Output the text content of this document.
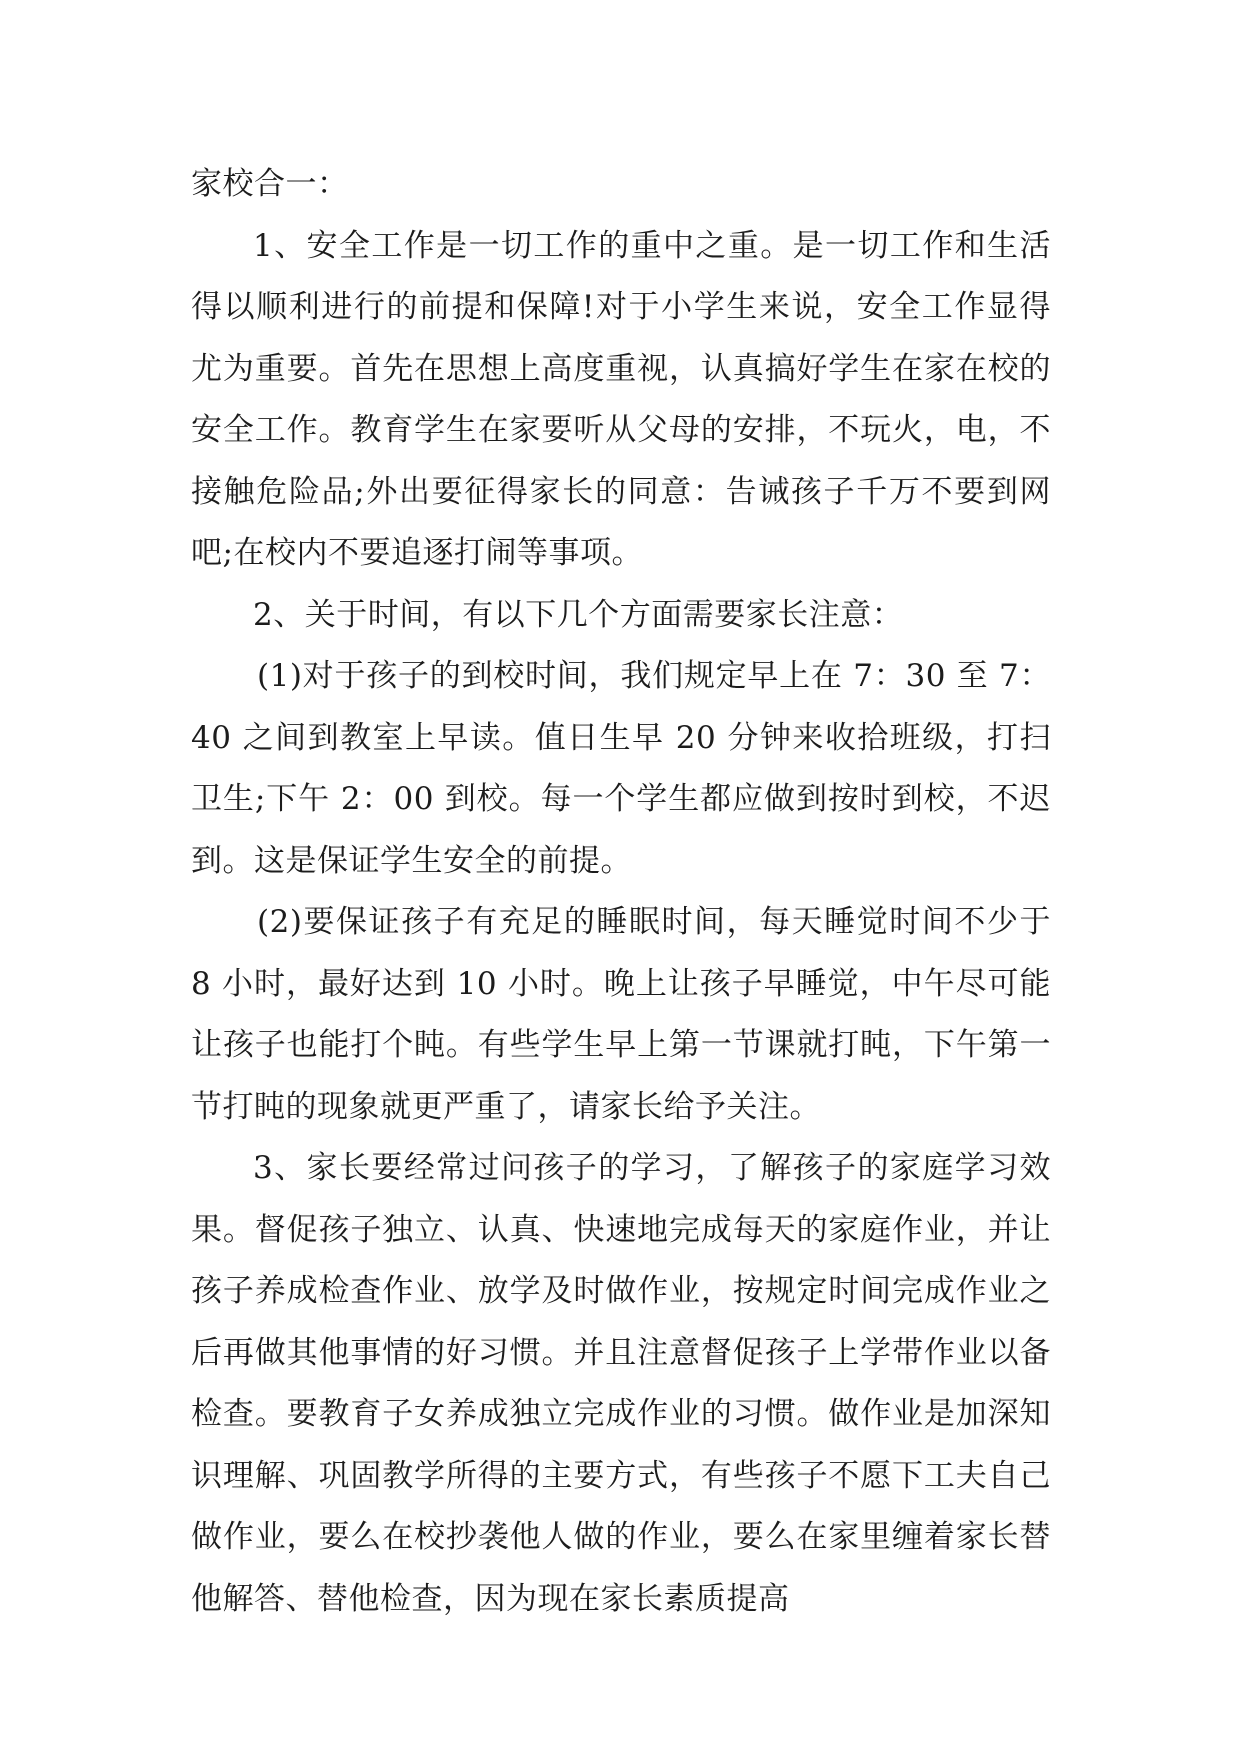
家校合一：

1、安全工作是一切工作的重中之重。是一切工作和生活得以顺利进行的前提和保障!对于小学生来说，安全工作显得尤为重要。首先在思想上高度重视，认真搞好学生在家在校的安全工作。教育学生在家要听从父母的安排，不玩火，电，不接触危险品;外出要征得家长的同意：告诫孩子千万不要到网吧;在校内不要追逐打闹等事项。

2、关于时间，有以下几个方面需要家长注意：

(1)对于孩子的到校时间，我们规定早上在 7：30 至 7：40 之间到教室上早读。值日生早 20 分钟来收拾班级，打扫卫生;下午 2：00 到校。每一个学生都应做到按时到校，不迟到。这是保证学生安全的前提。

(2)要保证孩子有充足的睡眠时间，每天睡觉时间不少于 8 小时，最好达到 10 小时。晚上让孩子早睡觉，中午尽可能让孩子也能打个盹。有些学生早上第一节课就打盹，下午第一节打盹的现象就更严重了，请家长给予关注。

3、家长要经常过问孩子的学习，了解孩子的家庭学习效果。督促孩子独立、认真、快速地完成每天的家庭作业，并让孩子养成检查作业、放学及时做作业，按规定时间完成作业之后再做其他事情的好习惯。并且注意督促孩子上学带作业以备检查。要教育子女养成独立完成作业的习惯。做作业是加深知识理解、巩固教学所得的主要方式，有些孩子不愿下工夫自己做作业，要么在校抄袭他人做的作业，要么在家里缠着家长替他解答、替他检查，因为现在家长素质提高
